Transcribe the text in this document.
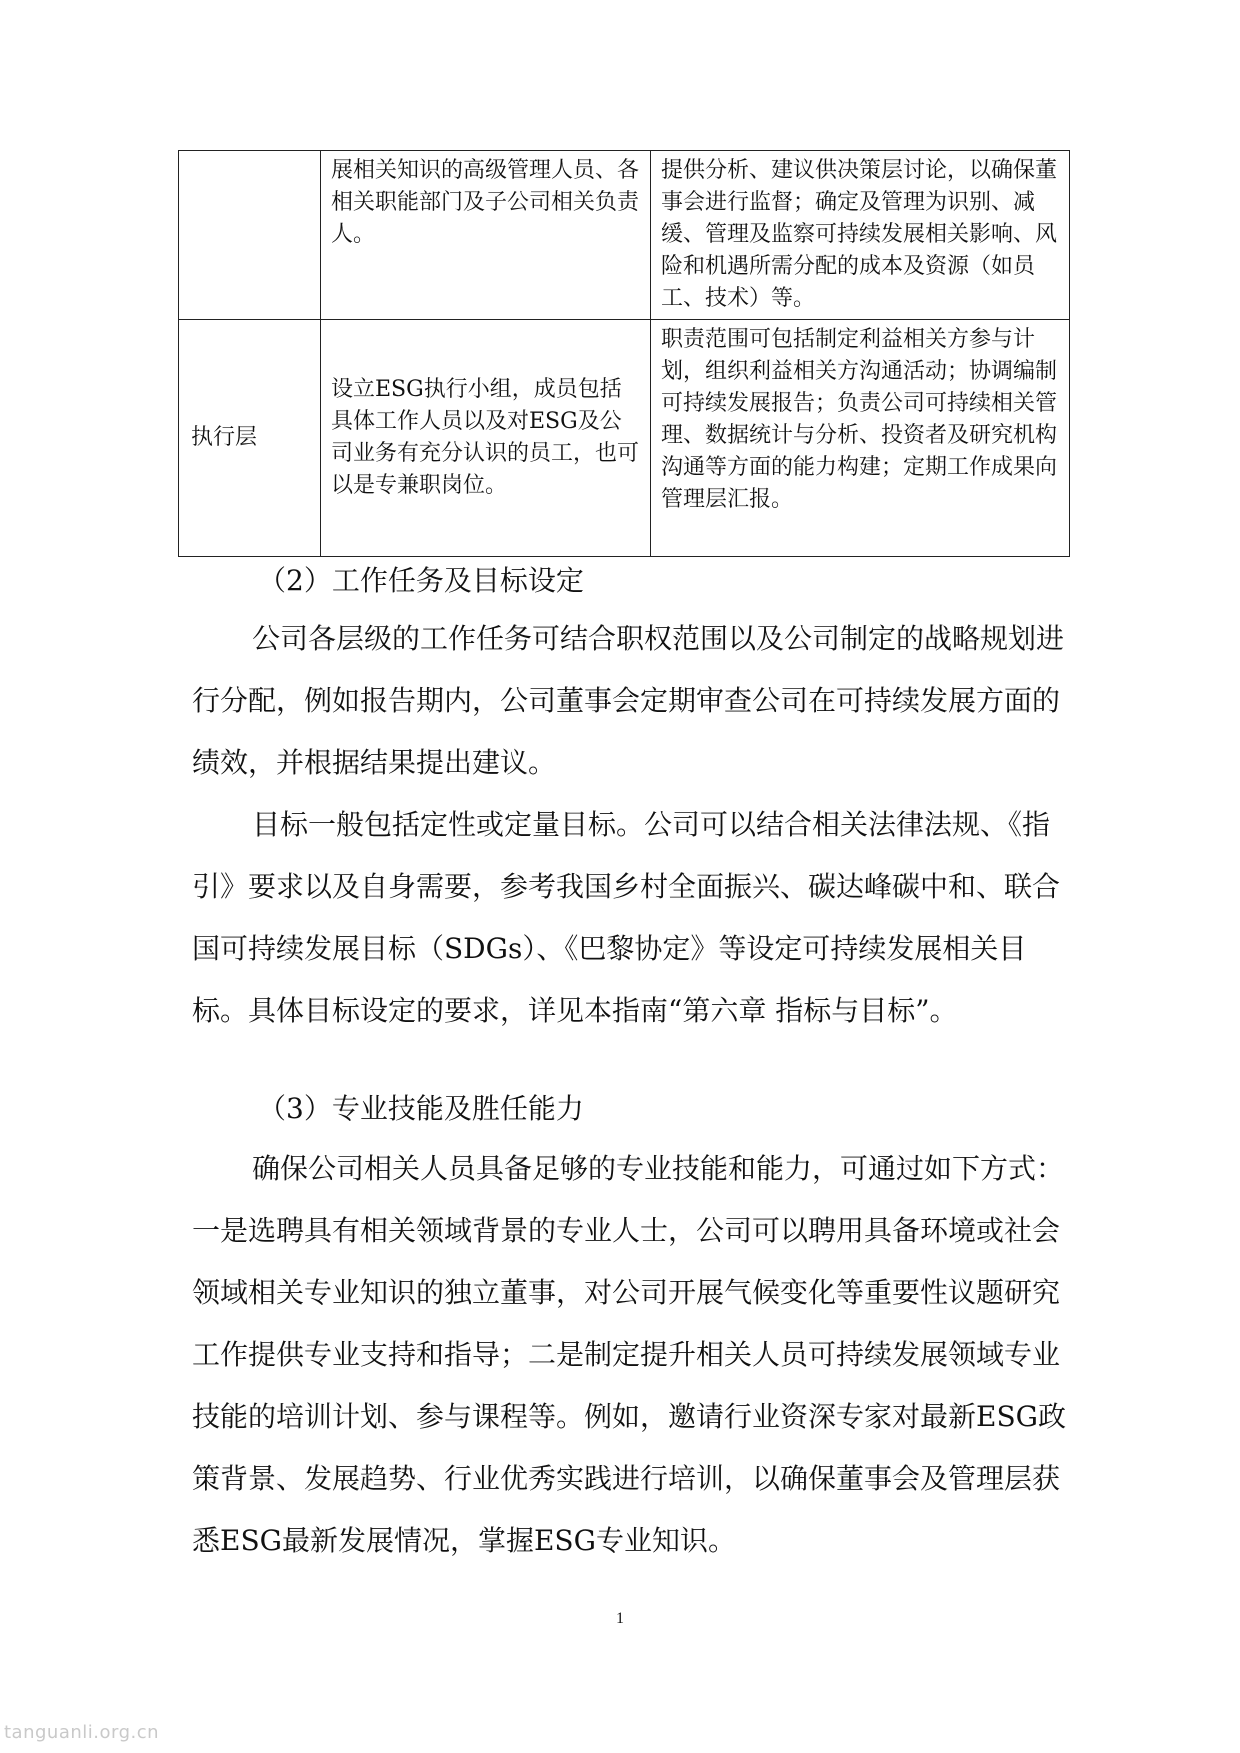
	展相关知识的高级管理人员、各相关职能部门及子公司相关负责人。	提供分析、建议供决策层讨论，以确保董事会进行监督；确定及管理为识别、减缓、管理及监察可持续发展相关影响、风险和机遇所需分配的成本及资源（如员工、技术）等。
执行层	设立ESG执行小组，成员包括具体工作人员以及对ESG及公司业务有充分认识的员工，也可以是专兼职岗位。	职责范围可包括制定利益相关方参与计划，组织利益相关方沟通活动；协调编制可持续发展报告；负责公司可持续相关管理、数据统计与分析、投资者及研究机构沟通等方面的能力构建；定期工作成果向管理层汇报。
（2）工作任务及目标设定
公司各层级的工作任务可结合职权范围以及公司制定的战略规划进行分配，例如报告期内，公司董事会定期审查公司在可持续发展方面的绩效，并根据结果提出建议。
目标一般包括定性或定量目标。公司可以结合相关法律法规、《指引》要求以及自身需要，参考我国乡村全面振兴、碳达峰碳中和、联合国可持续发展目标（SDGs）、《巴黎协定》等设定可持续发展相关目标。具体目标设定的要求，详见本指南“第六章 指标与目标”。
（3）专业技能及胜任能力
确保公司相关人员具备足够的专业技能和能力，可通过如下方式：一是选聘具有相关领域背景的专业人士，公司可以聘用具备环境或社会领域相关专业知识的独立董事，对公司开展气候变化等重要性议题研究工作提供专业支持和指导；二是制定提升相关人员可持续发展领域专业技能的培训计划、参与课程等。例如，邀请行业资深专家对最新ESG政策背景、发展趋势、行业优秀实践进行培训，以确保董事会及管理层获悉ESG最新发展情况，掌握ESG专业知识。
1
tanguanli.org.cn
